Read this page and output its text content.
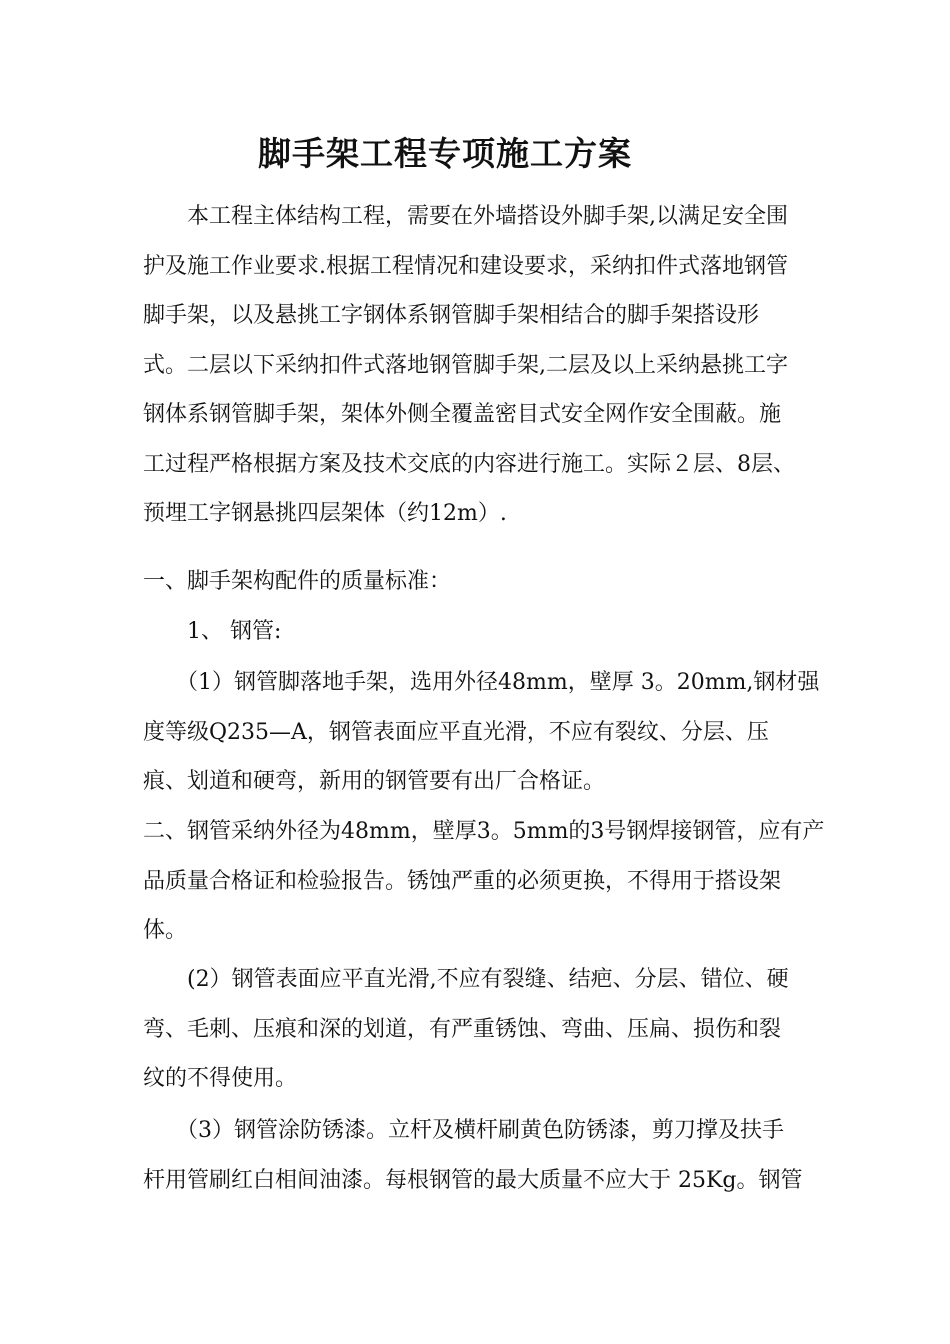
脚手架工程专项施工方案
本工程主体结构工程，需要在外墙搭设外脚手架,以满足安全围
护及施工作业要求.根据工程情况和建设要求，采纳扣件式落地钢管
脚手架，以及悬挑工字钢体系钢管脚手架相结合的脚手架搭设形
式。二层以下采纳扣件式落地钢管脚手架,二层及以上采纳悬挑工字
钢体系钢管脚手架，架体外侧全覆盖密目式安全网作安全围蔽。施
工过程严格根据方案及技术交底的内容进行施工。实际２层、8层、
预埋工字钢悬挑四层架体（约12m）.
一、脚手架构配件的质量标准：
1、 钢管:
（1）钢管脚落地手架，选用外径48mm，壁厚 3。20mm,钢材强
度等级Q235—A，钢管表面应平直光滑，不应有裂纹、分层、压
痕、划道和硬弯，新用的钢管要有出厂合格证。
二、钢管采纳外径为48mm，壁厚3。5mm的3号钢焊接钢管，应有产
品质量合格证和检验报告。锈蚀严重的必须更换，不得用于搭设架
体。
(2）钢管表面应平直光滑,不应有裂缝、结疤、分层、错位、硬
弯、毛刺、压痕和深的划道，有严重锈蚀、弯曲、压扁、损伤和裂
纹的不得使用。
（3）钢管涂防锈漆。立杆及横杆刷黄色防锈漆，剪刀撑及扶手
杆用管刷红白相间油漆。每根钢管的最大质量不应大于 25Kg。钢管
